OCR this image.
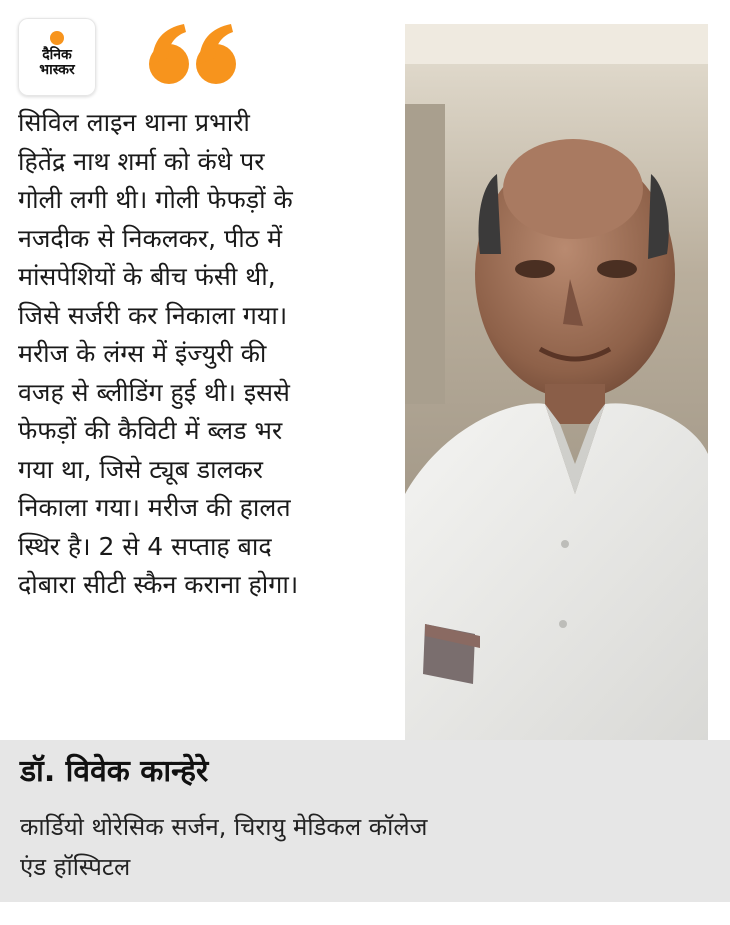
दैनिक
भास्कर

सिविल लाइन थाना प्रभारी
हितेंद्र नाथ शर्मा को कंधे पर
गोली लगी थी। गोली फेफड़ों के
नजदीक से निकलकर, पीठ में
मांसपेशियों के बीच फंसी थी,
जिसे सर्जरी कर निकाला गया।
मरीज के लंग्स में इंज्युरी की
वजह से ब्लीडिंग हुई थी। इससे
फेफड़ों की कैविटी में ब्लड भर
गया था, जिसे ट्यूब डालकर
निकाला गया। मरीज की हालत
स्थिर है। 2 से 4 सप्ताह बाद
दोबारा सीटी स्कैन कराना होगा।

डॉ. विवेक कान्हेरे
कार्डियो थोरेसिक सर्जन, चिरायु मेडिकल कॉलेज
एंड हॉस्पिटल
